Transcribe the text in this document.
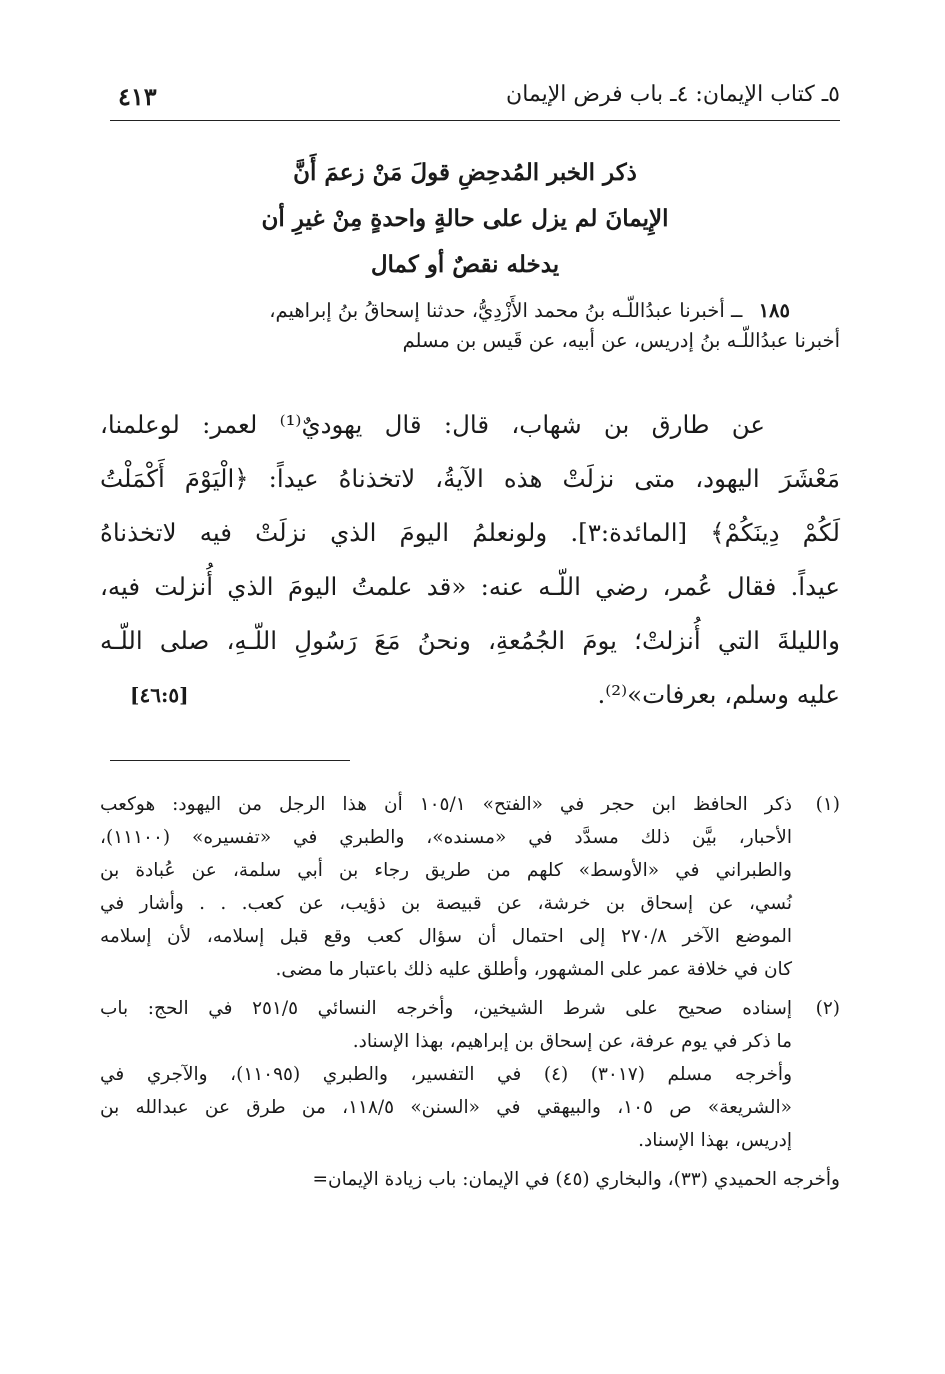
٥ـ كتاب الإيمان: ٤ـ باب فرض الإيمان
٤١٣
ذكر الخبر المُدحِضِ قولَ مَنْ زعمَ أَنَّ
الإِيمانَ لم يزل على حالةٍ واحدةٍ مِنْ غيرِ أن
يدخله نقصٌ أو كمال
١٨٥ ــ أخبرنا عبدُاللّـه بنُ محمد الأَزْدِيُّ، حدثنا إسحاقُ بنُ إبراهيم،
أخبرنا عبدُاللّـه بنُ إدريس، عن أبيه، عن قَيس بن مسلم
عن طارق بن شهاب، قال: قال يهوديٌ⁽¹⁾ لعمر: لوعلمنا،
مَعْشَرَ اليهود، متى نزلَتْ هذه الآيةُ، لاتخذناهُ عيداً: ﴿الْيَوْمَ أَكْمَلْتُ
لَكُمْ دِينَكُمْ﴾ [المائدة:٣]. ولونعلمُ اليومَ الذي نزلَتْ فيه لاتخذناهُ
عيداً. فقال عُمر، رضي اللّـه عنه: «قد علمتُ اليومَ الذي أُنزلت فيه،
والليلةَ التي أُنزلتْ؛ يومَ الجُمُعةِ، ونحنُ مَعَ رَسُولِ اللّـهِ، صلى اللّـه
عليه وسلم، بعرفات»⁽²⁾.
[٤٦:٥]
(١)
ذكر الحافظ ابن حجر في «الفتح» ١٠٥/١ أن هذا الرجل من اليهود: هوكعب
الأحبار، بيَّن ذلك مسدَّد في «مسنده»، والطبري في «تفسيره» (١١١٠٠)،
والطبراني في «الأوسط» كلهم من طريق رجاء بن أبي سلمة، عن عُبادة بن
نُسي، عن إسحاق بن خرشة، عن قبيصة بن ذؤيب، عن كعب. . . وأشار في
الموضع الآخر ٢٧٠/٨ إلى احتمال أن سؤال كعب وقع قبل إسلامه، لأن إسلامه
كان في خلافة عمر على المشهور، وأطلق عليه ذلك باعتبار ما مضى.
(٢)
إسناده صحيح على شرط الشيخين، وأخرجه النسائي ٢٥١/٥ في الحج: باب
ما ذكر في يوم عرفة، عن إسحاق بن إبراهيم، بهذا الإسناد.
وأخرجه مسلم (٣٠١٧) (٤) في التفسير، والطبري (١١٠٩٥)، والآجري في
«الشريعة» ص ١٠٥، والبيهقي في «السنن» ١١٨/٥، من طرق عن عبدالله بن
إدريس، بهذا الإسناد.
وأخرجه الحميدي (٣٣)، والبخاري (٤٥) في الإيمان: باب زيادة الإيمان=
